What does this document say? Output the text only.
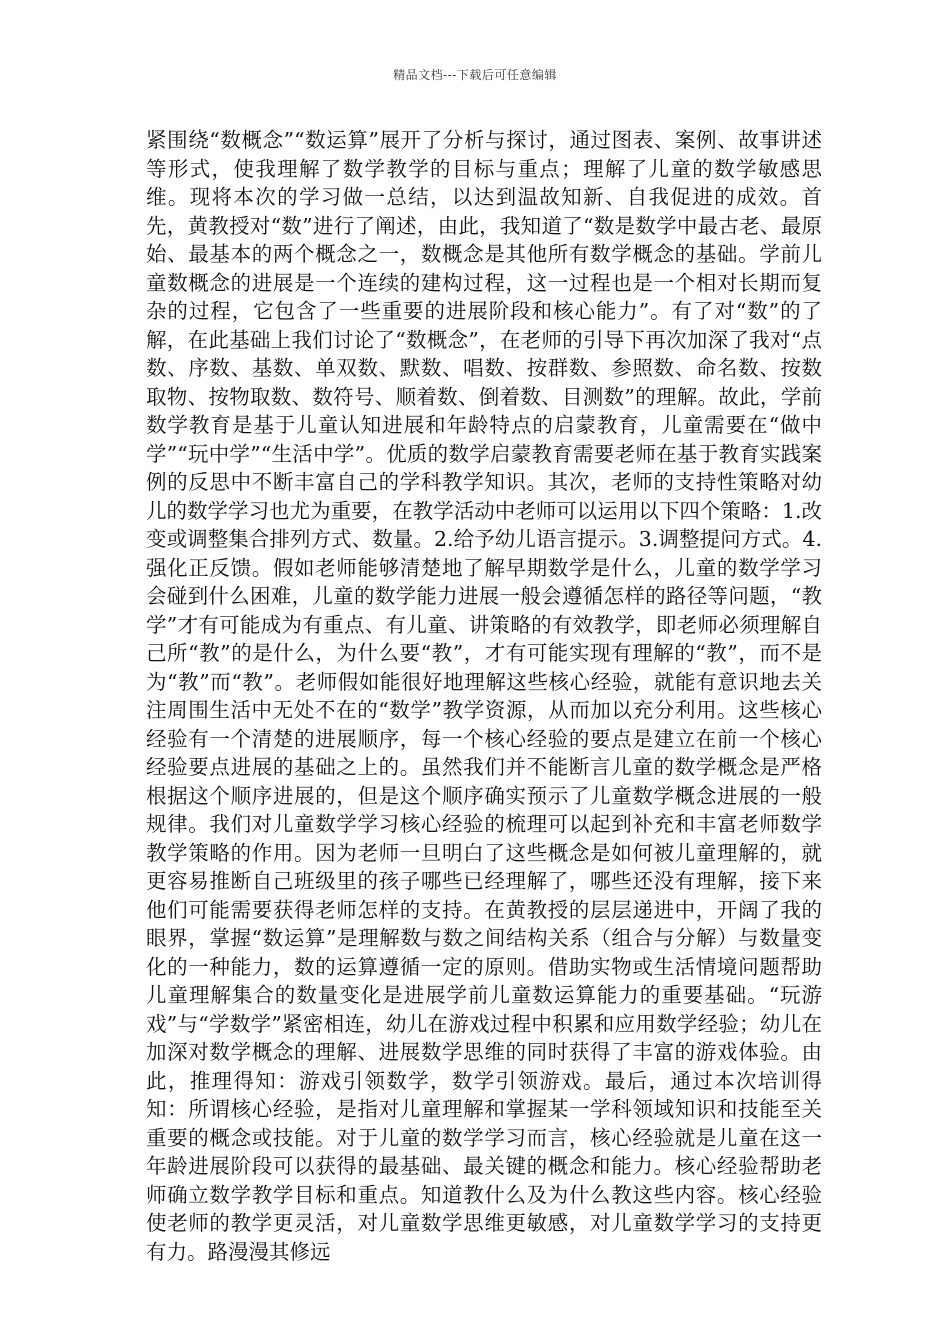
精品文档---下载后可任意编辑

紧围绕“数概念”“数运算”展开了分析与探讨，通过图表、案例、故事讲述等形式，使我理解了数学教学的目标与重点；理解了儿童的数学敏感思维。现将本次的学习做一总结，以达到温故知新、自我促进的成效。首先，黄教授对“数”进行了阐述，由此，我知道了“数是数学中最古老、最原始、最基本的两个概念之一，数概念是其他所有数学概念的基础。学前儿童数概念的进展是一个连续的建构过程，这一过程也是一个相对长期而复杂的过程，它包含了一些重要的进展阶段和核心能力”。有了对“数”的了解，在此基础上我们讨论了“数概念”，在老师的引导下再次加深了我对“点数、序数、基数、单双数、默数、唱数、按群数、参照数、命名数、按数取物、按物取数、数符号、顺着数、倒着数、目测数”的理解。故此，学前数学教育是基于儿童认知进展和年龄特点的启蒙教育，儿童需要在“做中学”“玩中学”“生活中学”。优质的数学启蒙教育需要老师在基于教育实践案例的反思中不断丰富自己的学科教学知识。其次，老师的支持性策略对幼儿的数学学习也尤为重要，在教学活动中老师可以运用以下四个策略：1.改变或调整集合排列方式、数量。2.给予幼儿语言提示。3.调整提问方式。4.强化正反馈。假如老师能够清楚地了解早期数学是什么，儿童的数学学习会碰到什么困难，儿童的数学能力进展一般会遵循怎样的路径等问题，“教学”才有可能成为有重点、有儿童、讲策略的有效教学，即老师必须理解自己所“教”的是什么，为什么要“教”，才有可能实现有理解的“教”，而不是为“教”而“教”。老师假如能很好地理解这些核心经验，就能有意识地去关注周围生活中无处不在的“数学”教学资源，从而加以充分利用。这些核心经验有一个清楚的进展顺序，每一个核心经验的要点是建立在前一个核心经验要点进展的基础之上的。虽然我们并不能断言儿童的数学概念是严格根据这个顺序进展的，但是这个顺序确实预示了儿童数学概念进展的一般规律。我们对儿童数学学习核心经验的梳理可以起到补充和丰富老师数学教学策略的作用。因为老师一旦明白了这些概念是如何被儿童理解的，就更容易推断自己班级里的孩子哪些已经理解了，哪些还没有理解，接下来他们可能需要获得老师怎样的支持。在黄教授的层层递进中，开阔了我的眼界，掌握“数运算”是理解数与数之间结构关系（组合与分解）与数量变化的一种能力，数的运算遵循一定的原则。借助实物或生活情境问题帮助儿童理解集合的数量变化是进展学前儿童数运算能力的重要基础。“玩游戏”与“学数学”紧密相连，幼儿在游戏过程中积累和应用数学经验；幼儿在加深对数学概念的理解、进展数学思维的同时获得了丰富的游戏体验。由此，推理得知：游戏引领数学，数学引领游戏。最后，通过本次培训得知：所谓核心经验，是指对儿童理解和掌握某一学科领域知识和技能至关重要的概念或技能。对于儿童的数学学习而言，核心经验就是儿童在这一年龄进展阶段可以获得的最基础、最关键的概念和能力。核心经验帮助老师确立数学教学目标和重点。知道教什么及为什么教这些内容。核心经验使老师的教学更灵活，对儿童数学思维更敏感，对儿童数学学习的支持更有力。路漫漫其修远
